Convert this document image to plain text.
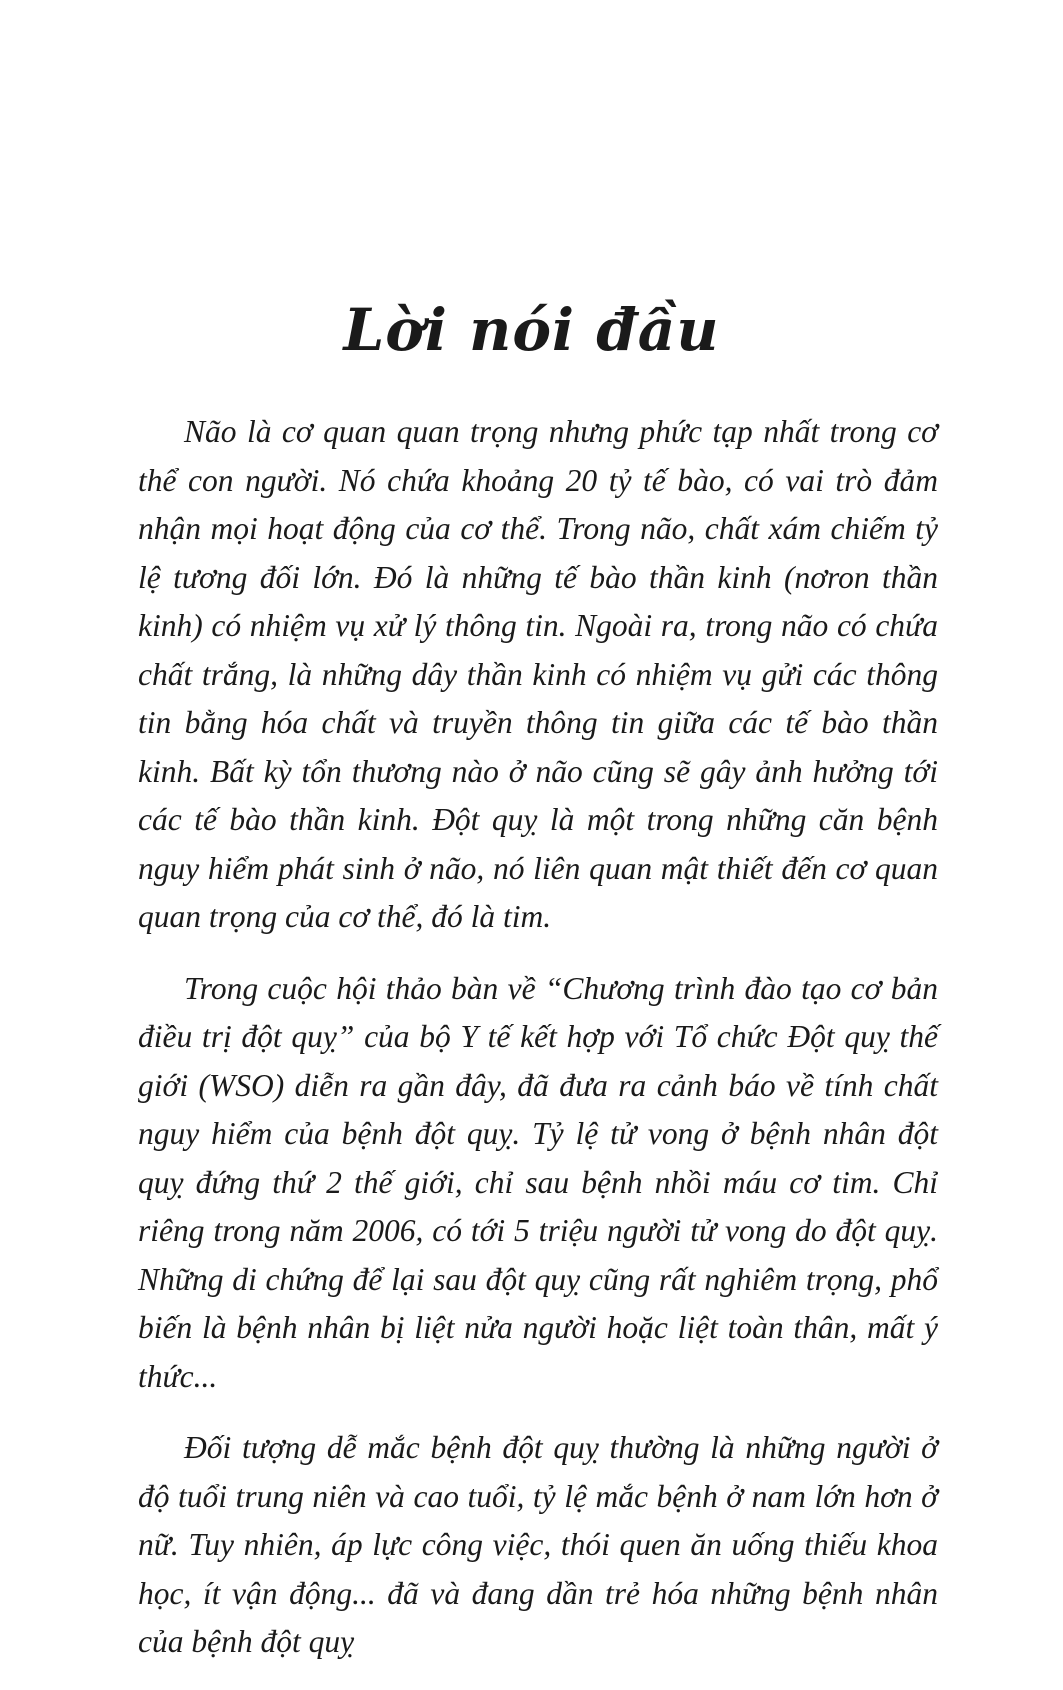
Lời nói đầu

Não là cơ quan quan trọng nhưng phức tạp nhất trong cơ thể con người. Nó chứa khoảng 20 tỷ tế bào, có vai trò đảm nhận mọi hoạt động của cơ thể. Trong não, chất xám chiếm tỷ lệ tương đối lớn. Đó là những tế bào thần kinh (nơron thần kinh) có nhiệm vụ xử lý thông tin. Ngoài ra, trong não có chứa chất trắng, là những dây thần kinh có nhiệm vụ gửi các thông tin bằng hóa chất và truyền thông tin giữa các tế bào thần kinh. Bất kỳ tổn thương nào ở não cũng sẽ gây ảnh hưởng tới các tế bào thần kinh. Đột quỵ là một trong những căn bệnh nguy hiểm phát sinh ở não, nó liên quan mật thiết đến cơ quan quan trọng của cơ thể, đó là tim.

Trong cuộc hội thảo bàn về “Chương trình đào tạo cơ bản điều trị đột quỵ” của bộ Y tế kết hợp với Tổ chức Đột quỵ thế giới (WSO) diễn ra gần đây, đã đưa ra cảnh báo về tính chất nguy hiểm của bệnh đột quỵ. Tỷ lệ tử vong ở bệnh nhân đột quỵ đứng thứ 2 thế giới, chỉ sau bệnh nhồi máu cơ tim. Chỉ riêng trong năm 2006, có tới 5 triệu người tử vong do đột quỵ. Những di chứng để lại sau đột quỵ cũng rất nghiêm trọng, phổ biến là bệnh nhân bị liệt nửa người hoặc liệt toàn thân, mất ý thức...

Đối tượng dễ mắc bệnh đột quỵ thường là những người ở độ tuổi trung niên và cao tuổi, tỷ lệ mắc bệnh ở nam lớn hơn ở nữ. Tuy nhiên, áp lực công việc, thói quen ăn uống thiếu khoa học, ít vận động... đã và đang dần trẻ hóa những bệnh nhân của bệnh đột quỵ
